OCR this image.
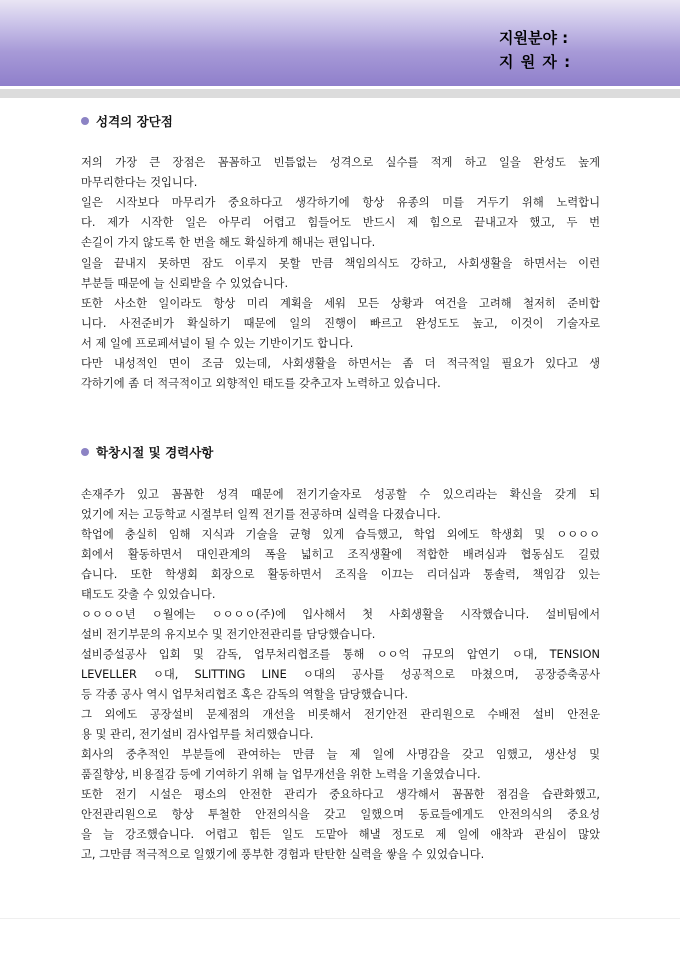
지원분야 :
지 원 자 :
성격의 장단점
저의 가장 큰 장점은 꼼꼼하고 빈틈없는 성격으로 실수를 적게 하고 일을 완성도 높게
마무리한다는 것입니다.
일은 시작보다 마무리가 중요하다고 생각하기에 항상 유종의 미를 거두기 위해 노력합니
다. 제가 시작한 일은 아무리 어렵고 힘들어도 반드시 제 힘으로 끝내고자 했고, 두 번
손길이 가지 않도록 한 번을 해도 확실하게 해내는 편입니다.
일을 끝내지 못하면 잠도 이루지 못할 만큼 책임의식도 강하고, 사회생활을 하면서는 이런
부분들 때문에 늘 신뢰받을 수 있었습니다.
또한 사소한 일이라도 항상 미리 계획을 세워 모든 상황과 여건을 고려해 철저히 준비합
니다. 사전준비가 확실하기 때문에 일의 진행이 빠르고 완성도도 높고, 이것이 기술자로
서 제 일에 프로페셔널이 될 수 있는 기반이기도 합니다.
다만 내성적인 면이 조금 있는데, 사회생활을 하면서는 좀 더 적극적일 필요가 있다고 생
각하기에 좀 더 적극적이고 외향적인 태도를 갖추고자 노력하고 있습니다.
학창시절 및 경력사항
손재주가 있고 꼼꼼한 성격 때문에 전기기술자로 성공할 수 있으리라는 확신을 갖게 되
었기에 저는 고등학교 시절부터 일찍 전기를 전공하며 실력을 다졌습니다.
학업에 충실히 임해 지식과 기술을 균형 있게 습득했고, 학업 외에도 학생회 및 ㅇㅇㅇㅇ
회에서 활동하면서 대인관계의 폭을 넓히고 조직생활에 적합한 배려심과 협동심도 길렀
습니다. 또한 학생회 회장으로 활동하면서 조직을 이끄는 리더십과 통솔력, 책임감 있는
태도도 갖출 수 있었습니다.
ㅇㅇㅇㅇ년 ㅇ월에는 ㅇㅇㅇㅇ(주)에 입사해서 첫 사회생활을 시작했습니다. 설비팀에서
설비 전기부문의 유지보수 및 전기안전관리를 담당했습니다.
설비증설공사 입회 및 감독, 업무처리협조를 통해 ㅇㅇ억 규모의 압연기 ㅇ대, TENSION
LEVELLER ㅇ대, SLITTING LINE ㅇ대의 공사를 성공적으로 마쳤으며, 공장증축공사
등 각종 공사 역시 업무처리협조 혹은 감독의 역할을 담당했습니다.
그 외에도 공장설비 문제점의 개선을 비롯해서 전기안전 관리원으로 수배전 설비 안전운
용 및 관리, 전기설비 검사업무를 처리했습니다.
회사의 중추적인 부분들에 관여하는 만큼 늘 제 일에 사명감을 갖고 임했고, 생산성 및
품질향상, 비용절감 등에 기여하기 위해 늘 업무개선을 위한 노력을 기울였습니다.
또한 전기 시설은 평소의 안전한 관리가 중요하다고 생각해서 꼼꼼한 점검을 습관화했고,
안전관리원으로 항상 투철한 안전의식을 갖고 일했으며 동료들에게도 안전의식의 중요성
을 늘 강조했습니다. 어렵고 힘든 일도 도맡아 해낼 정도로 제 일에 애착과 관심이 많았
고, 그만큼 적극적으로 일했기에 풍부한 경험과 탄탄한 실력을 쌓을 수 있었습니다.
